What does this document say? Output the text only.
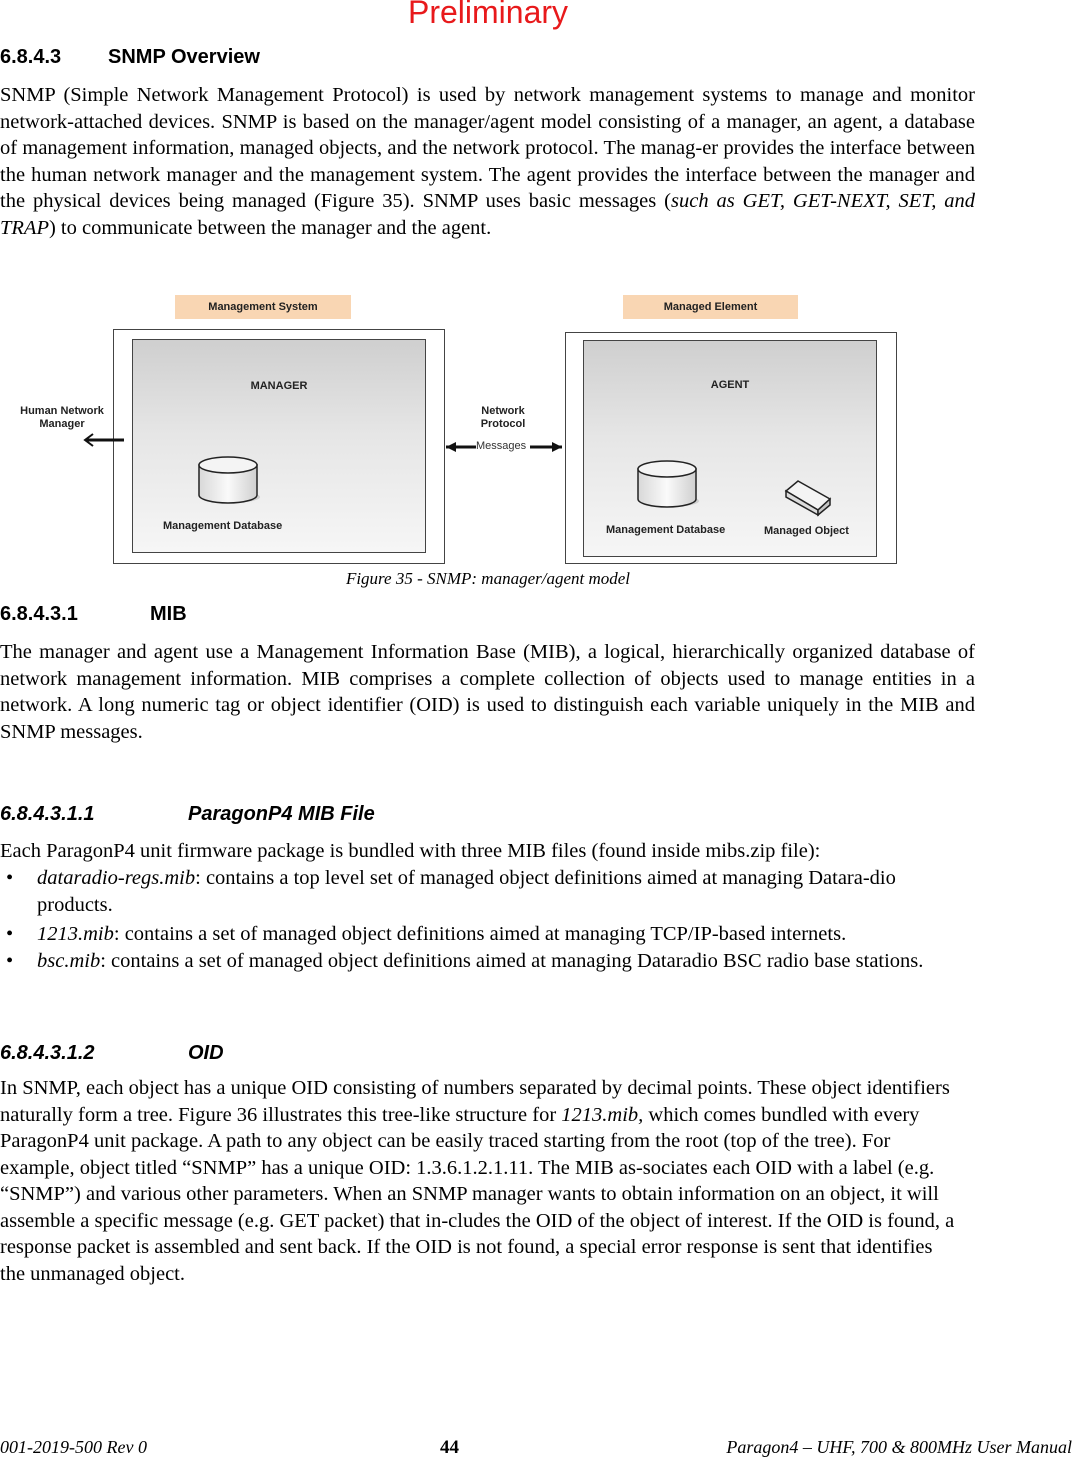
Preliminary
6.8.4.3 SNMP Overview
SNMP (Simple Network Management Protocol) is used by network management systems to manage and monitor network-attached devices. SNMP is based on the manager/agent model consisting of a manager, an agent, a database of management information, managed objects, and the network protocol. The manag-er provides the interface between the human network manager and the management system. The agent provides the interface between the manager and the physical devices being managed (Figure 35). SNMP uses basic messages (such as GET, GET-NEXT, SET, and TRAP) to communicate between the manager and the agent.
Management System	Managed Element
MANAGER
Management Database
AGENT
Management Database	Managed Object
Human Network
Manager
Network
Protocol
Messages
Figure 35 - SNMP: manager/agent model
6.8.4.3.1	MIB
The manager and agent use a Management Information Base (MIB), a logical, hierarchically organized database of network management information. MIB comprises a complete collection of objects used to manage entities in a network. A long numeric tag or object identifier (OID) is used to distinguish each variable uniquely in the MIB and SNMP messages.
6.8.4.3.1.1	ParagonP4 MIB File
Each ParagonP4 unit firmware package is bundled with three MIB files (found inside mibs.zip file):
• dataradio-regs.mib: contains a top level set of managed object definitions aimed at managing Datara-dio products.
• 1213.mib: contains a set of managed object definitions aimed at managing TCP/IP-based internets.
• bsc.mib: contains a set of managed object definitions aimed at managing Dataradio BSC radio base stations.
6.8.4.3.1.2	OID
In SNMP, each object has a unique OID consisting of numbers separated by decimal points. These object identifiers naturally form a tree. Figure 36 illustrates this tree-like structure for 1213.mib, which comes bundled with every ParagonP4 unit package. A path to any object can be easily traced starting from the root (top of the tree). For example, object titled “SNMP” has a unique OID: 1.3.6.1.2.1.11. The MIB as-sociates each OID with a label (e.g. “SNMP”) and various other parameters. When an SNMP manager wants to obtain information on an object, it will assemble a specific message (e.g. GET packet) that in-cludes the OID of the object of interest. If the OID is found, a response packet is assembled and sent back. If the OID is not found, a special error response is sent that identifies the unmanaged object.
001-2019-500 Rev 0	44	Paragon4 – UHF, 700 & 800MHz User Manual
